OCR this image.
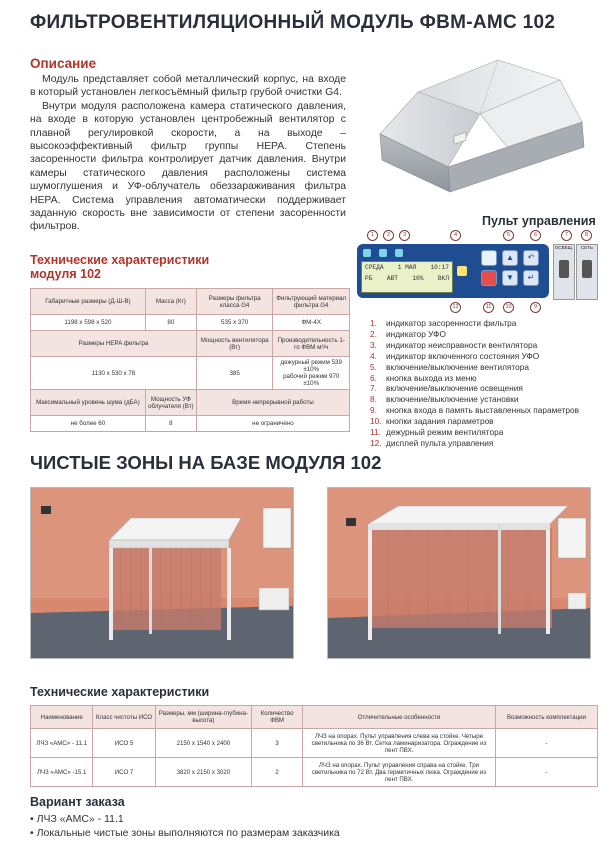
ФИЛЬТРОВЕНТИЛЯЦИОННЫЙ МОДУЛЬ ФВМ-АМС 102
Описание

Модуль представляет собой металлический корпус, на входе в который установлен легкосъёмный фильтр грубой очистки G4.

Внутри модуля расположена камера статического давления, на входе в которую установлен центробежный вентилятор с плавной регулировкой скорости, а на выходе – высокоэффективный фильтр группы НЕРА. Степень засоренности фильтра контролирует датчик давления. Внутри камеры статического давления расположены система шумоглушения и УФ-облучатель обеззараживания фильтра НЕРА. Система управления автоматически поддерживает заданную скорость вне зависимости от степени засоренности фильтров.

Технические характеристики
модуля 102
Габаритные размеры (Д-Ш-В)	Масса (Кг)	Размеры фильтра класса G4	Фильтрующий материал фильтра G4
1198 х 598 х 520	80	535 х 370	ФМ-4Х
Размеры HEPA фильтра		Мощность вентилятора (Вт)	Производительность 1-го ФВМ м³/ч
1130 х 530 х 78		385	дежурный режим 539 ±10%
рабочий режим 970 ±10%

Максимальный уровень шума (дБА)	Мощность УФ облучателя (Вт)	Время непрерывной работы	
не более 60	8	не ограничено	
Пульт управления
1	2	3	4	5	6	7	8
СРЕДА 1 МАЯ 10:17
РБ АВТ 10% ВКЛ
▲
▼
↶
↵
ОСВЕЩ.	СЕТЬ
12	11	10	9
1.	индикатор засоренности фильтра
2.	индикатор УФО
3.	индикатор неисправности вентилятора
4.	индикатор включенного состояния УФО
5.	включение/выключение вентилятора
6.	кнопка выхода из меню
7.	включение/выключение освещения
8.	включение/выключение установки
9.	кнопка входа в память выставленных параметров
10. кнопки задания параметров
11. дежурный режим вентилятора
12. дисплей пульта управления
ЧИСТЫЕ ЗОНЫ НА БАЗЕ МОДУЛЯ 102
Технические характеристики
Наименование	Класс чистоты ИСО	Размеры, мм (ширина-глубина-высота)	Количество ФВМ	Отличительные особенности	Возможность комплектации
ЛЧЗ «АМС» - 11.1	ИСО 5	2150 х 1540 х 2400	3	ЛЧЗ на опорах. Пульт управления слева на стойке. Четыре светильника по 36 Вт. Сетка ламинаризатора. Ограждение из лент ПВХ.	-
ЛЧЗ «АМС» -15.1	ИСО 7	3820 х 2150 х 3020	2	ЛЧЗ на опорах. Пульт управления справа на стойке. Три светильника по 72 Вт. Два герметичных люка. Ограждение из лент ПВХ.	-
Вариант заказа
• ЛЧЗ «АМС» - 11.1
• Локальные чистые зоны выполняются по размерам заказчика
